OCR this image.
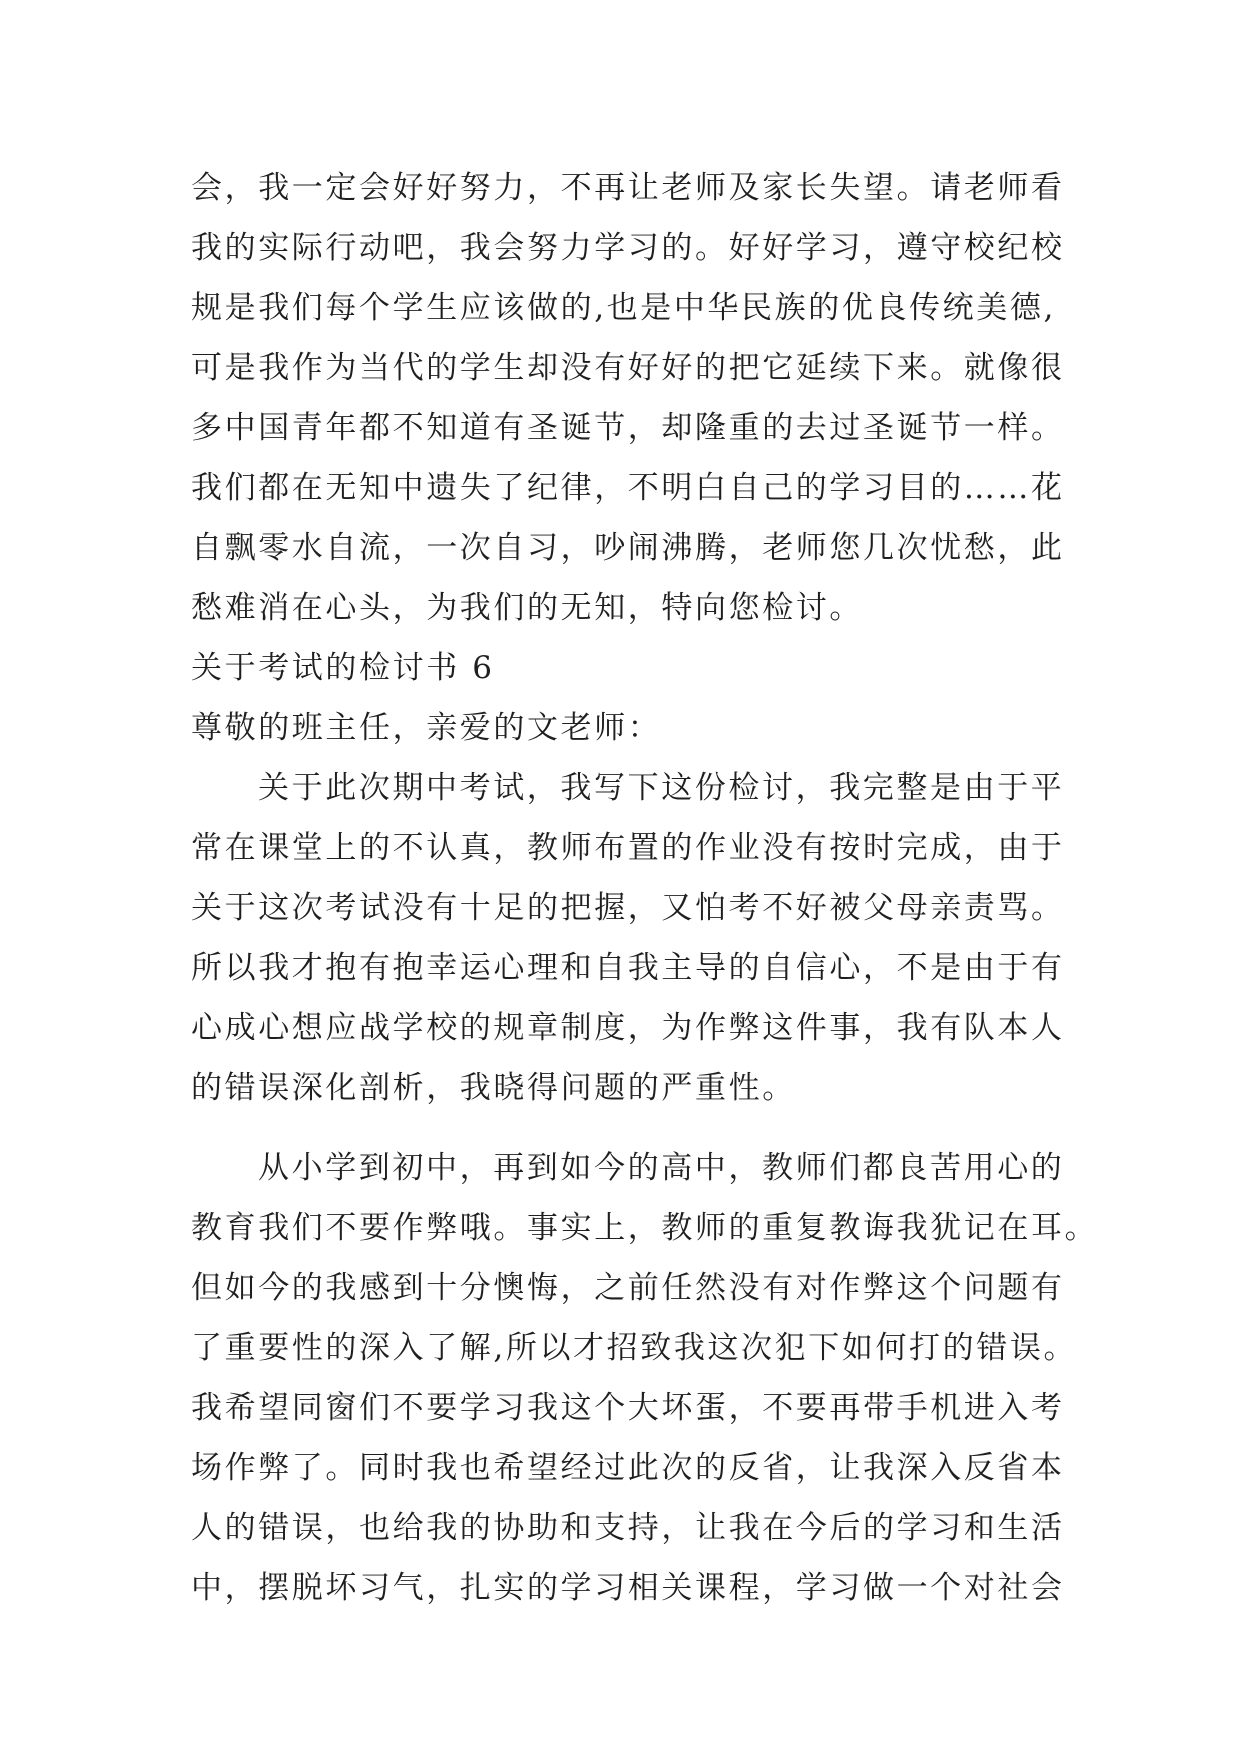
会，我一定会好好努力，不再让老师及家长失望。请老师看
我的实际行动吧，我会努力学习的。好好学习，遵守校纪校
规是我们每个学生应该做的,也是中华民族的优良传统美德,
可是我作为当代的学生却没有好好的把它延续下来。就像很
多中国青年都不知道有圣诞节，却隆重的去过圣诞节一样。
我们都在无知中遗失了纪律，不明白自己的学习目的……花
自飘零水自流，一次自习，吵闹沸腾，老师您几次忧愁，此
愁难消在心头，为我们的无知，特向您检讨。
关于考试的检讨书 6
尊敬的班主任，亲爱的文老师：
关于此次期中考试，我写下这份检讨，我完整是由于平
常在课堂上的不认真，教师布置的作业没有按时完成，由于
关于这次考试没有十足的把握，又怕考不好被父母亲责骂。
所以我才抱有抱幸运心理和自我主导的自信心，不是由于有
心成心想应战学校的规章制度，为作弊这件事，我有队本人
的错误深化剖析，我晓得问题的严重性。
从小学到初中，再到如今的高中，教师们都良苦用心的
教育我们不要作弊哦。事实上，教师的重复教诲我犹记在耳。
但如今的我感到十分懊悔，之前任然没有对作弊这个问题有
了重要性的深入了解,所以才招致我这次犯下如何打的错误。
我希望同窗们不要学习我这个大坏蛋，不要再带手机进入考
场作弊了。同时我也希望经过此次的反省，让我深入反省本
人的错误，也给我的协助和支持，让我在今后的学习和生活
中，摆脱坏习气，扎实的学习相关课程，学习做一个对社会
